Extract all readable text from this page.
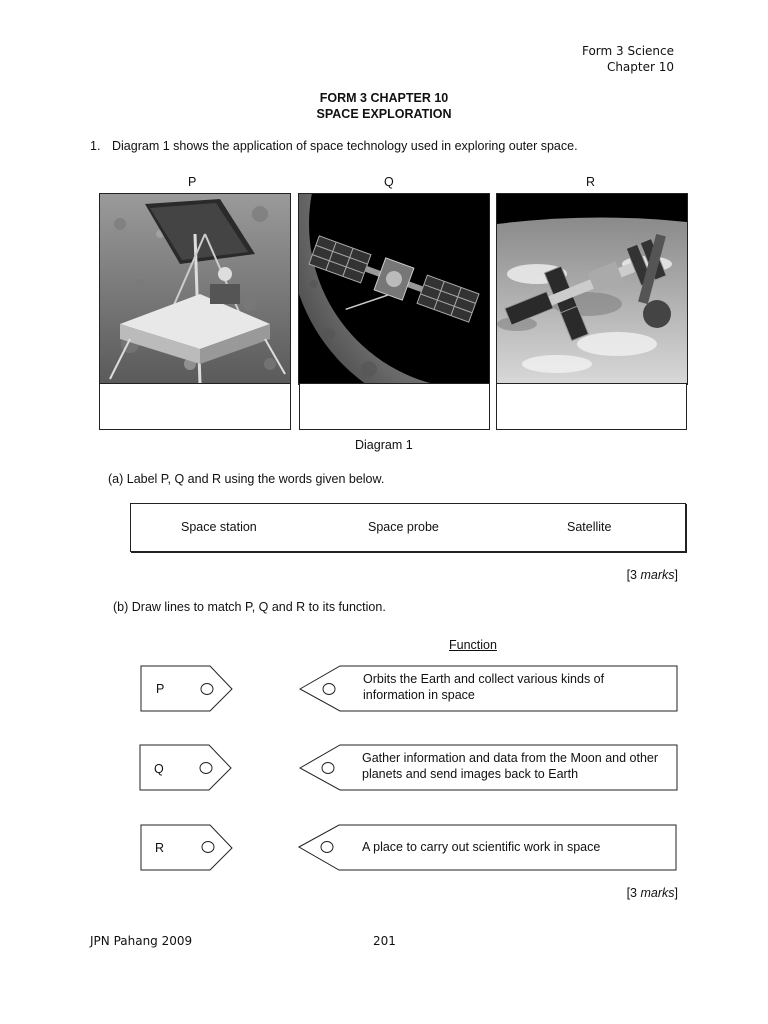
Form 3 Science
Chapter 10
FORM 3 CHAPTER 10
SPACE EXPLORATION
1. Diagram 1 shows the application of space technology used in exploring outer space.
P	Q	R
Diagram 1
(a) Label P, Q and R using the words given below.
Space station	Space probe	Satellite
[3 marks]
(b) Draw lines to match P, Q and R to its function.
Function
P
Q
R
Orbits the Earth and collect various kinds of information in space
Gather information and data from the Moon and other planets and send images back to Earth
A place to carry out scientific work in space
[3 marks]
JPN Pahang 2009	201
